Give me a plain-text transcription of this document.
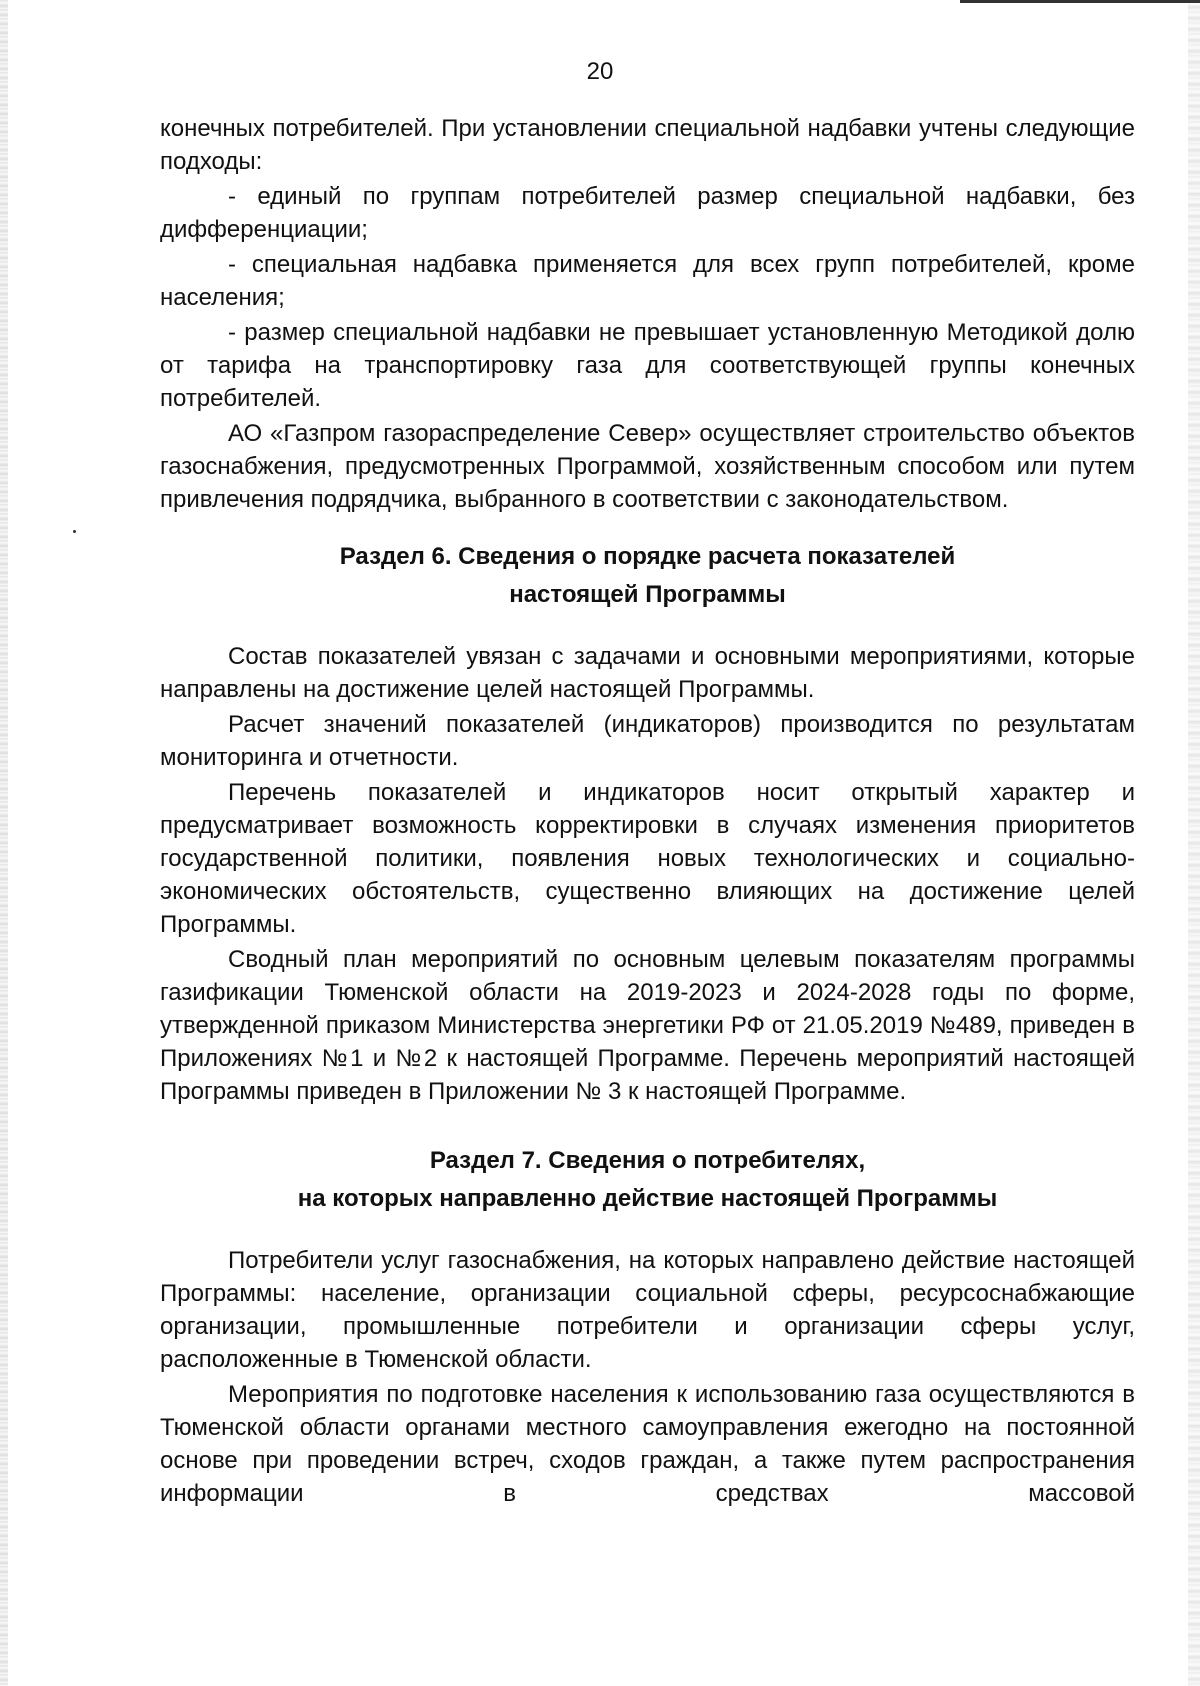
20

конечных потребителей. При установлении специальной надбавки учтены следующие подходы:

- единый по группам потребителей размер специальной надбавки, без дифференциации;

- специальная надбавка применяется для всех групп потребителей, кроме населения;

- размер специальной надбавки не превышает установленную Методикой долю от тарифа на транспортировку газа для соответствующей группы конечных потребителей.

АО «Газпром газораспределение Север» осуществляет строительство объектов газоснабжения, предусмотренных Программой, хозяйственным способом или путем привлечения подрядчика, выбранного в соответствии с законодательством.

Раздел 6. Сведения о порядке расчета показателей
настоящей Программы

Состав показателей увязан с задачами и основными мероприятиями, которые направлены на достижение целей настоящей Программы.

Расчет значений показателей (индикаторов) производится по результатам мониторинга и отчетности.

Перечень показателей и индикаторов носит открытый характер и предусматривает возможность корректировки в случаях изменения приоритетов государственной политики, появления новых технологических и социально-экономических обстоятельств, существенно влияющих на достижение целей Программы.

Сводный план мероприятий по основным целевым показателям программы газификации Тюменской области на 2019-2023 и 2024-2028 годы по форме, утвержденной приказом Министерства энергетики РФ от 21.05.2019 №489, приведен в Приложениях №1 и №2 к настоящей Программе. Перечень мероприятий настоящей Программы приведен в Приложении № 3 к настоящей Программе.

Раздел 7. Сведения о потребителях,
на которых направленно действие настоящей Программы

Потребители услуг газоснабжения, на которых направлено действие настоящей Программы: население, организации социальной сферы, ресурсоснабжающие организации, промышленные потребители и организации сферы услуг, расположенные в Тюменской области.

Мероприятия по подготовке населения к использованию газа осуществляются в Тюменской области органами местного самоуправления ежегодно на постоянной основе при проведении встреч, сходов граждан, а также путем распространения информации в средствах массовой
